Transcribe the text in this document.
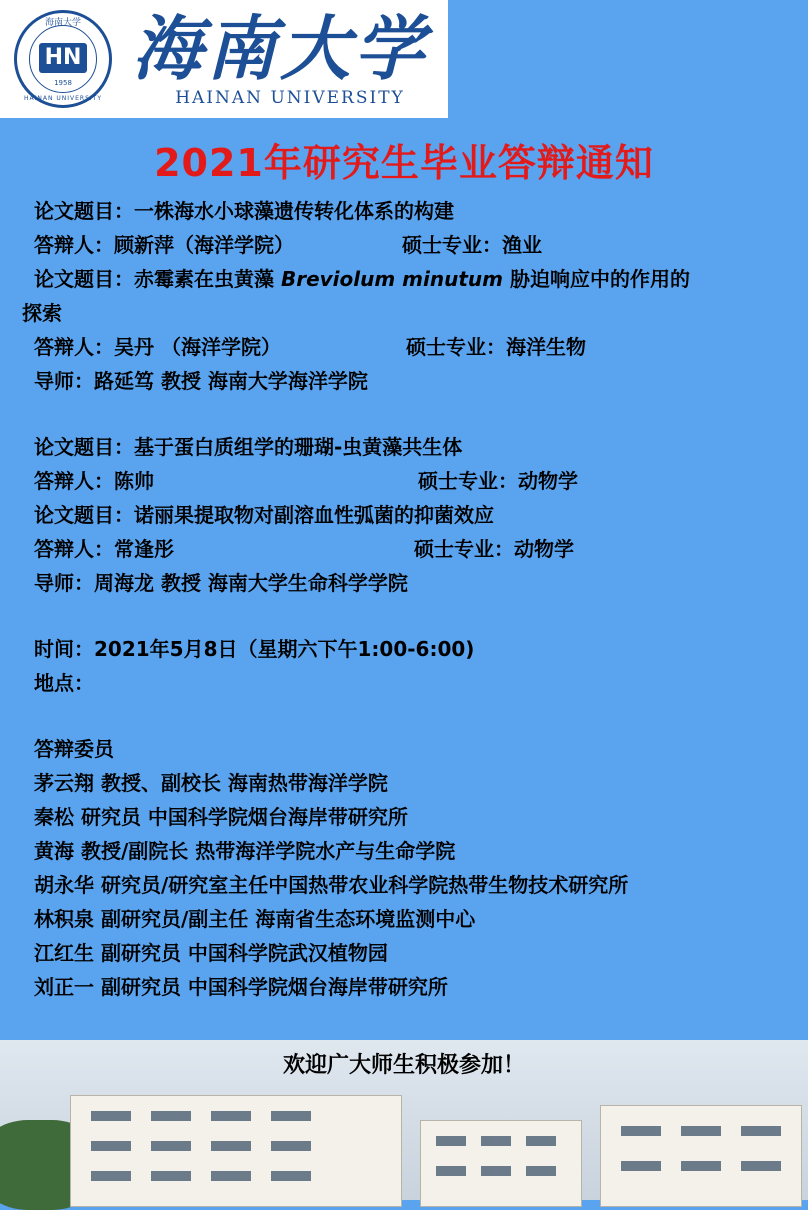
海南大学
HN
1958
HAINAN UNIVERSITY
海南大学
HAINAN UNIVERSITY
2021年研究生毕业答辩通知
论文题目：一株海水小球藻遗传转化体系的构建
答辩人：顾新萍（海洋学院）	硕士专业：渔业
论文题目：赤霉素在虫黄藻 Breviolum minutum 胁迫响应中的作用的
探索
答辩人：吴丹 （海洋学院）	硕士专业：海洋生物
导师：路延笃 教授 海南大学海洋学院
论文题目：基于蛋白质组学的珊瑚-虫黄藻共生体
答辩人：陈帅	硕士专业：动物学
论文题目：诺丽果提取物对副溶血性弧菌的抑菌效应
答辩人：常逢彤	硕士专业：动物学
导师：周海龙 教授 海南大学生命科学学院
时间：2021年5月8日（星期六下午1:00-6:00)
地点：
答辩委员
茅云翔 教授、副校长 海南热带海洋学院
秦松 研究员 中国科学院烟台海岸带研究所
黄海 教授/副院长 热带海洋学院水产与生命学院
胡永华 研究员/研究室主任中国热带农业科学院热带生物技术研究所
林积泉 副研究员/副主任 海南省生态环境监测中心
江红生 副研究员 中国科学院武汉植物园
刘正一 副研究员 中国科学院烟台海岸带研究所
欢迎广大师生积极参加！
